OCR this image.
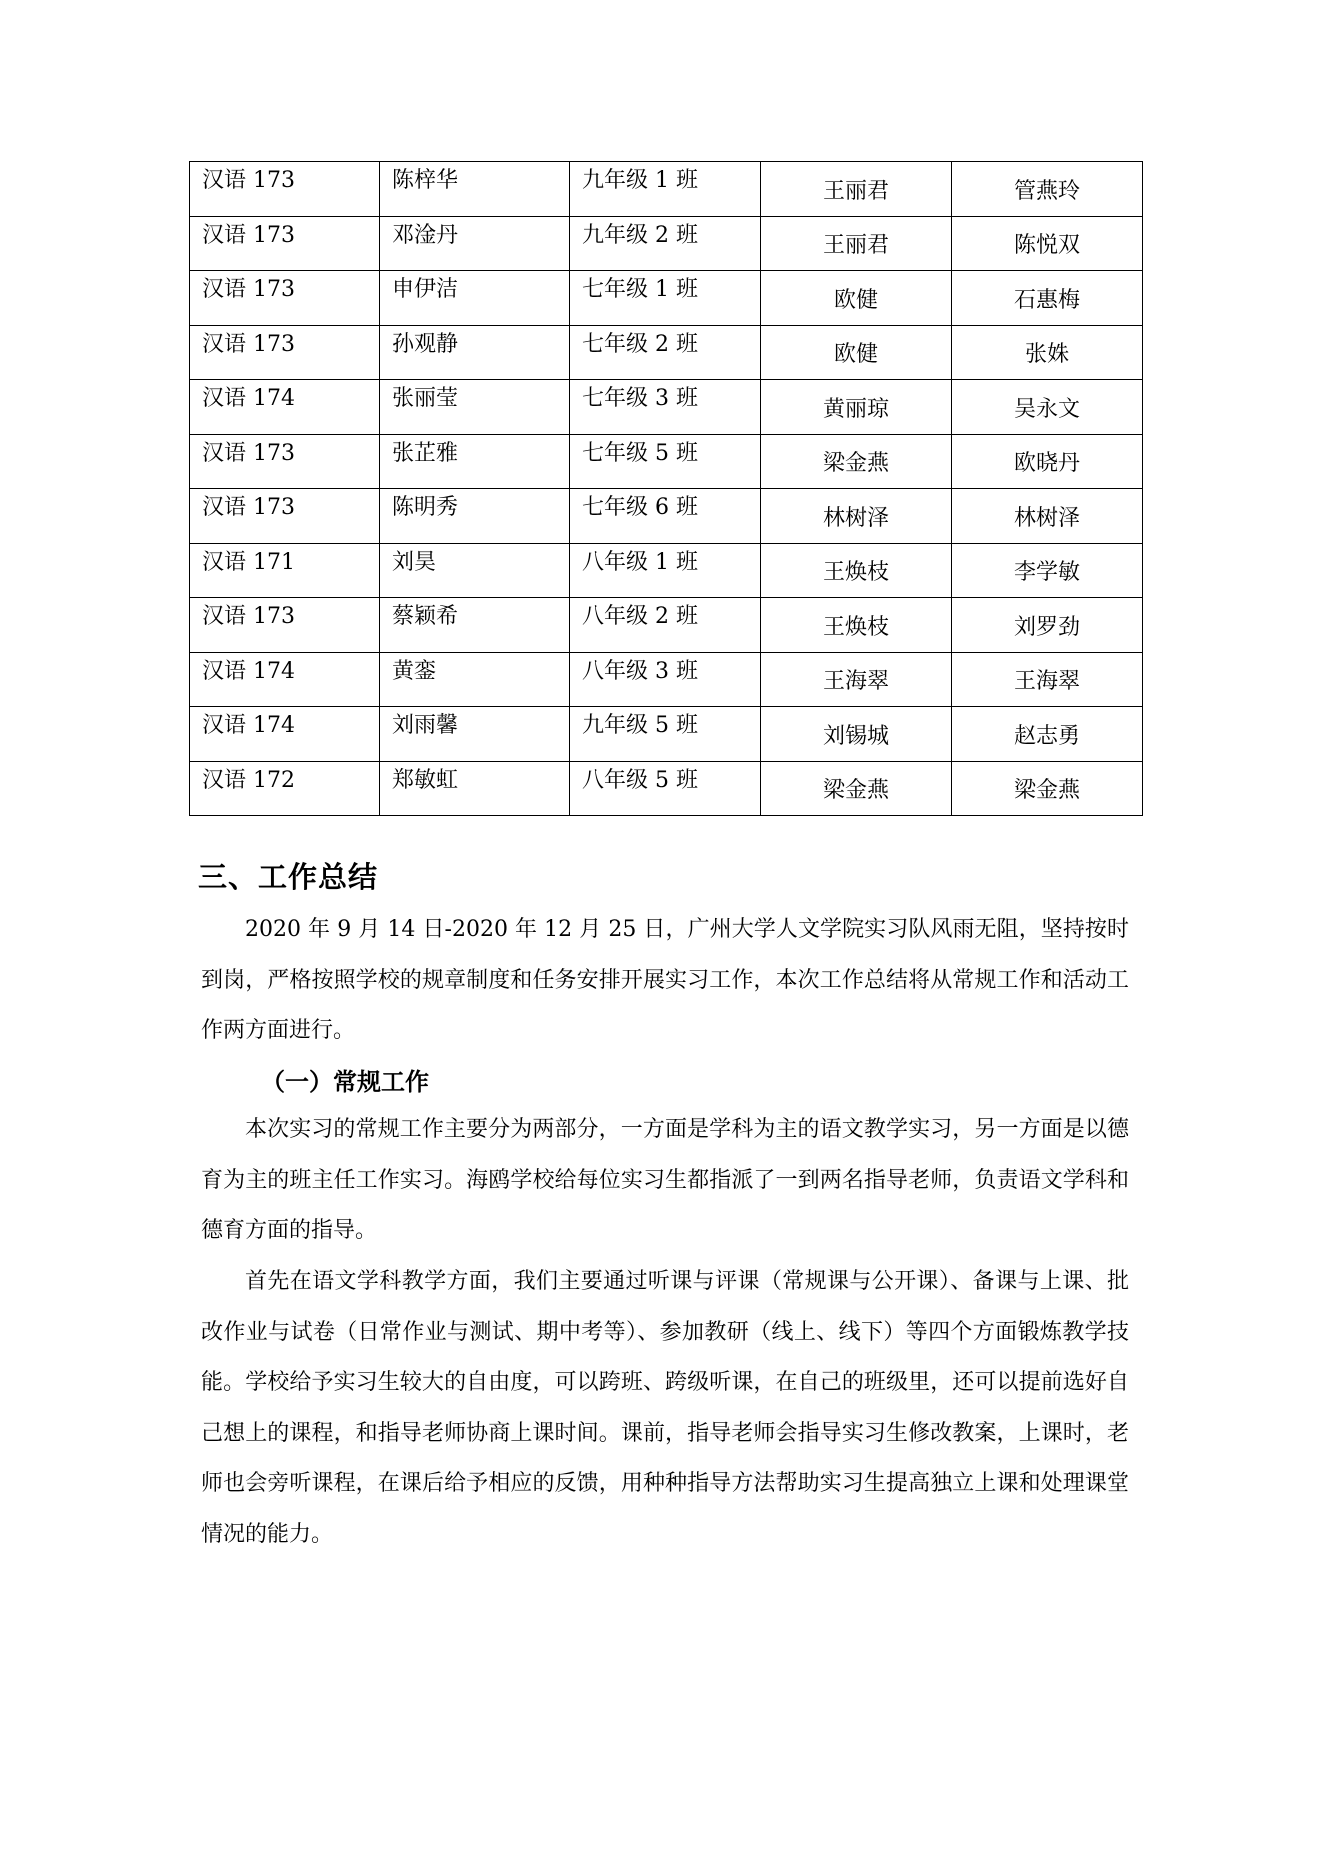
汉语 173	陈梓华	九年级 1 班	王丽君	管燕玲
汉语 173	邓淦丹	九年级 2 班	王丽君	陈悦双
汉语 173	申伊洁	七年级 1 班	欧健	石惠梅
汉语 173	孙观静	七年级 2 班	欧健	张姝
汉语 174	张丽莹	七年级 3 班	黄丽琼	吴永文
汉语 173	张芷雅	七年级 5 班	梁金燕	欧晓丹
汉语 173	陈明秀	七年级 6 班	林树泽	林树泽
汉语 171	刘昊	八年级 1 班	王焕枝	李学敏
汉语 173	蔡颖希	八年级 2 班	王焕枝	刘罗劲
汉语 174	黄銮	八年级 3 班	王海翠	王海翠
汉语 174	刘雨馨	九年级 5 班	刘锡城	赵志勇
汉语 172	郑敏虹	八年级 5 班	梁金燕	梁金燕
三、工作总结

2020 年 9 月 14 日-2020 年 12 月 25 日，广州大学人文学院实习队风雨无阻，坚持按时到岗，严格按照学校的规章制度和任务安排开展实习工作，本次工作总结将从常规工作和活动工作两方面进行。

（一）常规工作

本次实习的常规工作主要分为两部分，一方面是学科为主的语文教学实习，另一方面是以德育为主的班主任工作实习。海鸥学校给每位实习生都指派了一到两名指导老师，负责语文学科和德育方面的指导。

首先在语文学科教学方面，我们主要通过听课与评课（常规课与公开课）、备课与上课、批改作业与试卷（日常作业与测试、期中考等）、参加教研（线上、线下）等四个方面锻炼教学技能。学校给予实习生较大的自由度，可以跨班、跨级听课，在自己的班级里，还可以提前选好自己想上的课程，和指导老师协商上课时间。课前，指导老师会指导实习生修改教案，上课时，老师也会旁听课程，在课后给予相应的反馈，用种种指导方法帮助实习生提高独立上课和处理课堂情况的能力。
